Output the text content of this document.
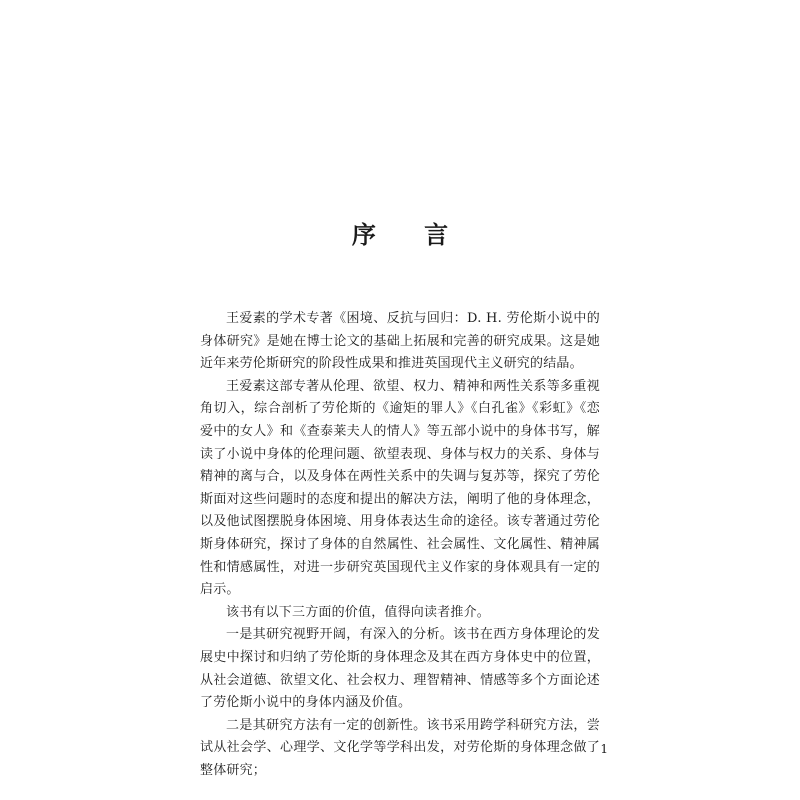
序 言

王爱素的学术专著《困境、反抗与回归：D. H. 劳伦斯小说中的身体研究》是她在博士论文的基础上拓展和完善的研究成果。这是她近年来劳伦斯研究的阶段性成果和推进英国现代主义研究的结晶。

王爱素这部专著从伦理、欲望、权力、精神和两性关系等多重视角切入，综合剖析了劳伦斯的《逾矩的罪人》《白孔雀》《彩虹》《恋爱中的女人》和《查泰莱夫人的情人》等五部小说中的身体书写，解读了小说中身体的伦理问题、欲望表现、身体与权力的关系、身体与精神的离与合，以及身体在两性关系中的失调与复苏等，探究了劳伦斯面对这些问题时的态度和提出的解决方法，阐明了他的身体理念，以及他试图摆脱身体困境、用身体表达生命的途径。该专著通过劳伦斯身体研究，探讨了身体的自然属性、社会属性、文化属性、精神属性和情感属性，对进一步研究英国现代主义作家的身体观具有一定的启示。

该书有以下三方面的价值，值得向读者推介。

一是其研究视野开阔，有深入的分析。该书在西方身体理论的发展史中探讨和归纳了劳伦斯的身体理念及其在西方身体史中的位置，从社会道德、欲望文化、社会权力、理智精神、情感等多个方面论述了劳伦斯小说中的身体内涵及价值。

二是其研究方法有一定的创新性。该书采用跨学科研究方法，尝试从社会学、心理学、文化学等学科出发，对劳伦斯的身体理念做了整体研究；

1
